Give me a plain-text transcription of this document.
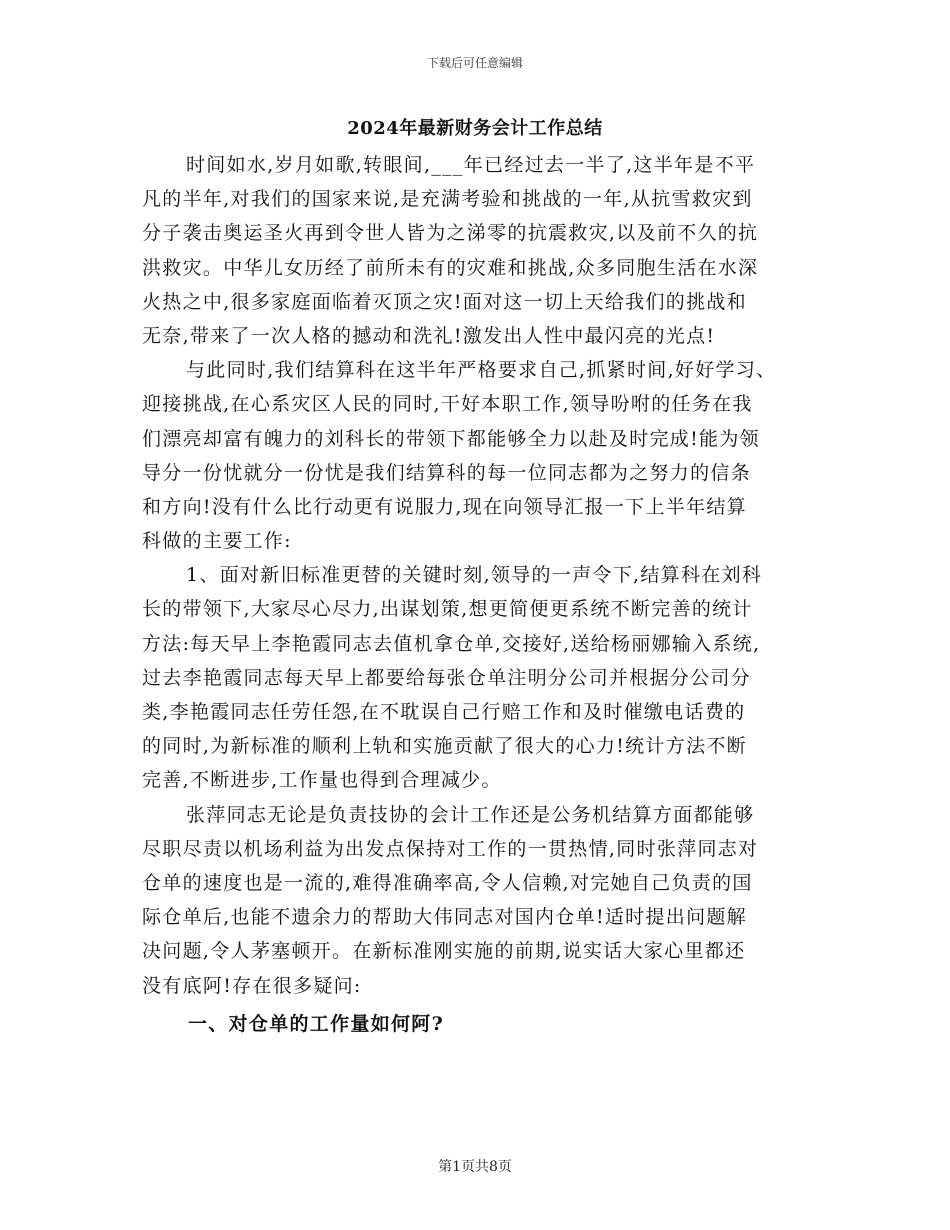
下载后可任意编辑
2024年最新财务会计工作总结
时间如水,岁月如歌,转眼间,___年已经过去一半了,这半年是不平
凡的半年,对我们的国家来说,是充满考验和挑战的一年,从抗雪救灾到
分子袭击奥运圣火再到令世人皆为之涕零的抗震救灾,以及前不久的抗
洪救灾。中华儿女历经了前所未有的灾难和挑战,众多同胞生活在水深
火热之中,很多家庭面临着灭顶之灾!面对这一切上天给我们的挑战和
无奈,带来了一次人格的撼动和洗礼!激发出人性中最闪亮的光点!
与此同时,我们结算科在这半年严格要求自己,抓紧时间,好好学习、
迎接挑战,在心系灾区人民的同时,干好本职工作,领导吩咐的任务在我
们漂亮却富有魄力的刘科长的带领下都能够全力以赴及时完成!能为领
导分一份忧就分一份忧是我们结算科的每一位同志都为之努力的信条
和方向!没有什么比行动更有说服力,现在向领导汇报一下上半年结算
科做的主要工作:
1、面对新旧标准更替的关键时刻,领导的一声令下,结算科在刘科
长的带领下,大家尽心尽力,出谋划策,想更简便更系统不断完善的统计
方法:每天早上李艳霞同志去值机拿仓单,交接好,送给杨丽娜输入系统,
过去李艳霞同志每天早上都要给每张仓单注明分公司并根据分公司分
类,李艳霞同志任劳任怨,在不耽误自己行赔工作和及时催缴电话费的
的同时,为新标准的顺利上轨和实施贡献了很大的心力!统计方法不断
完善,不断进步,工作量也得到合理减少。
张萍同志无论是负责技协的会计工作还是公务机结算方面都能够
尽职尽责以机场利益为出发点保持对工作的一贯热情,同时张萍同志对
仓单的速度也是一流的,难得准确率高,令人信赖,对完她自己负责的国
际仓单后,也能不遗余力的帮助大伟同志对国内仓单!适时提出问题解
决问题,令人茅塞顿开。在新标准刚实施的前期,说实话大家心里都还
没有底阿!存在很多疑问:
一、对仓单的工作量如何阿?
第1页共8页
